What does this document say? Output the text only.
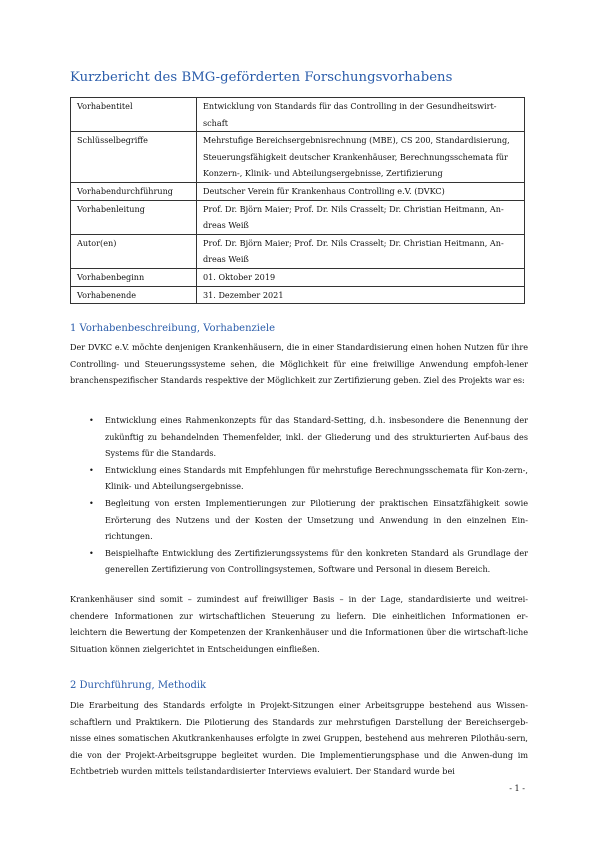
Kurzbericht des BMG-geförderten Forschungsvorhabens
Vorhabentitel	Entwicklung von Standards für das Controlling in der Gesundheitswirt-schaft
Schlüsselbegriffe	Mehrstufige Bereichsergebnisrechnung (MBE), CS 200, Standardisierung, Steuerungsfähigkeit deutscher Krankenhäuser, Berechnungsschemata für Konzern-, Klinik- und Abteilungsergebnisse, Zertifizierung
Vorhabendurchführung	Deutscher Verein für Krankenhaus Controlling e.V. (DVKC)
Vorhabenleitung	Prof. Dr. Björn Maier; Prof. Dr. Nils Crasselt; Dr. Christian Heitmann, An-dreas Weiß
Autor(en)	Prof. Dr. Björn Maier; Prof. Dr. Nils Crasselt; Dr. Christian Heitmann, An-dreas Weiß
Vorhabenbeginn	01. Oktober 2019
Vorhabenende	31. Dezember 2021
1 Vorhabenbeschreibung, Vorhabenziele
Der DVKC e.V. möchte denjenigen Krankenhäusern, die in einer Standardisierung einen hohen Nutzen für ihre Controlling- und Steuerungssysteme sehen, die Möglichkeit für eine freiwillige Anwendung empfoh-lener branchenspezifischer Standards respektive der Möglichkeit zur Zertifizierung geben. Ziel des Projekts war es:
• Entwicklung eines Rahmenkonzepts für das Standard-Setting, d.h. insbesondere die Benennung der zukünftig zu behandelnden Themenfelder, inkl. der Gliederung und des strukturierten Auf-baus des Systems für die Standards.
• Entwicklung eines Standards mit Empfehlungen für mehrstufige Berechnungsschemata für Kon-zern-, Klinik- und Abteilungsergebnisse.
• Begleitung von ersten Implementierungen zur Pilotierung der praktischen Einsatzfähigkeit sowie Erörterung des Nutzens und der Kosten der Umsetzung und Anwendung in den einzelnen Ein-richtungen.
• Beispielhafte Entwicklung des Zertifizierungssystems für den konkreten Standard als Grundlage der generellen Zertifizierung von Controllingsystemen, Software und Personal in diesem Bereich.
Krankenhäuser sind somit – zumindest auf freiwilliger Basis – in der Lage, standardisierte und weitrei-chendere Informationen zur wirtschaftlichen Steuerung zu liefern. Die einheitlichen Informationen er-leichtern die Bewertung der Kompetenzen der Krankenhäuser und die Informationen über die wirtschaft-liche Situation können zielgerichtet in Entscheidungen einfließen.
2 Durchführung, Methodik
Die Erarbeitung des Standards erfolgte in Projekt-Sitzungen einer Arbeitsgruppe bestehend aus Wissen-schaftlern und Praktikern. Die Pilotierung des Standards zur mehrstufigen Darstellung der Bereichsergeb-nisse eines somatischen Akutkrankenhauses erfolgte in zwei Gruppen, bestehend aus mehreren Pilothäu-sern, die von der Projekt-Arbeitsgruppe begleitet wurden. Die Implementierungsphase und die Anwen-dung im Echtbetrieb wurden mittels teilstandardisierter Interviews evaluiert. Der Standard wurde bei
- 1 -
